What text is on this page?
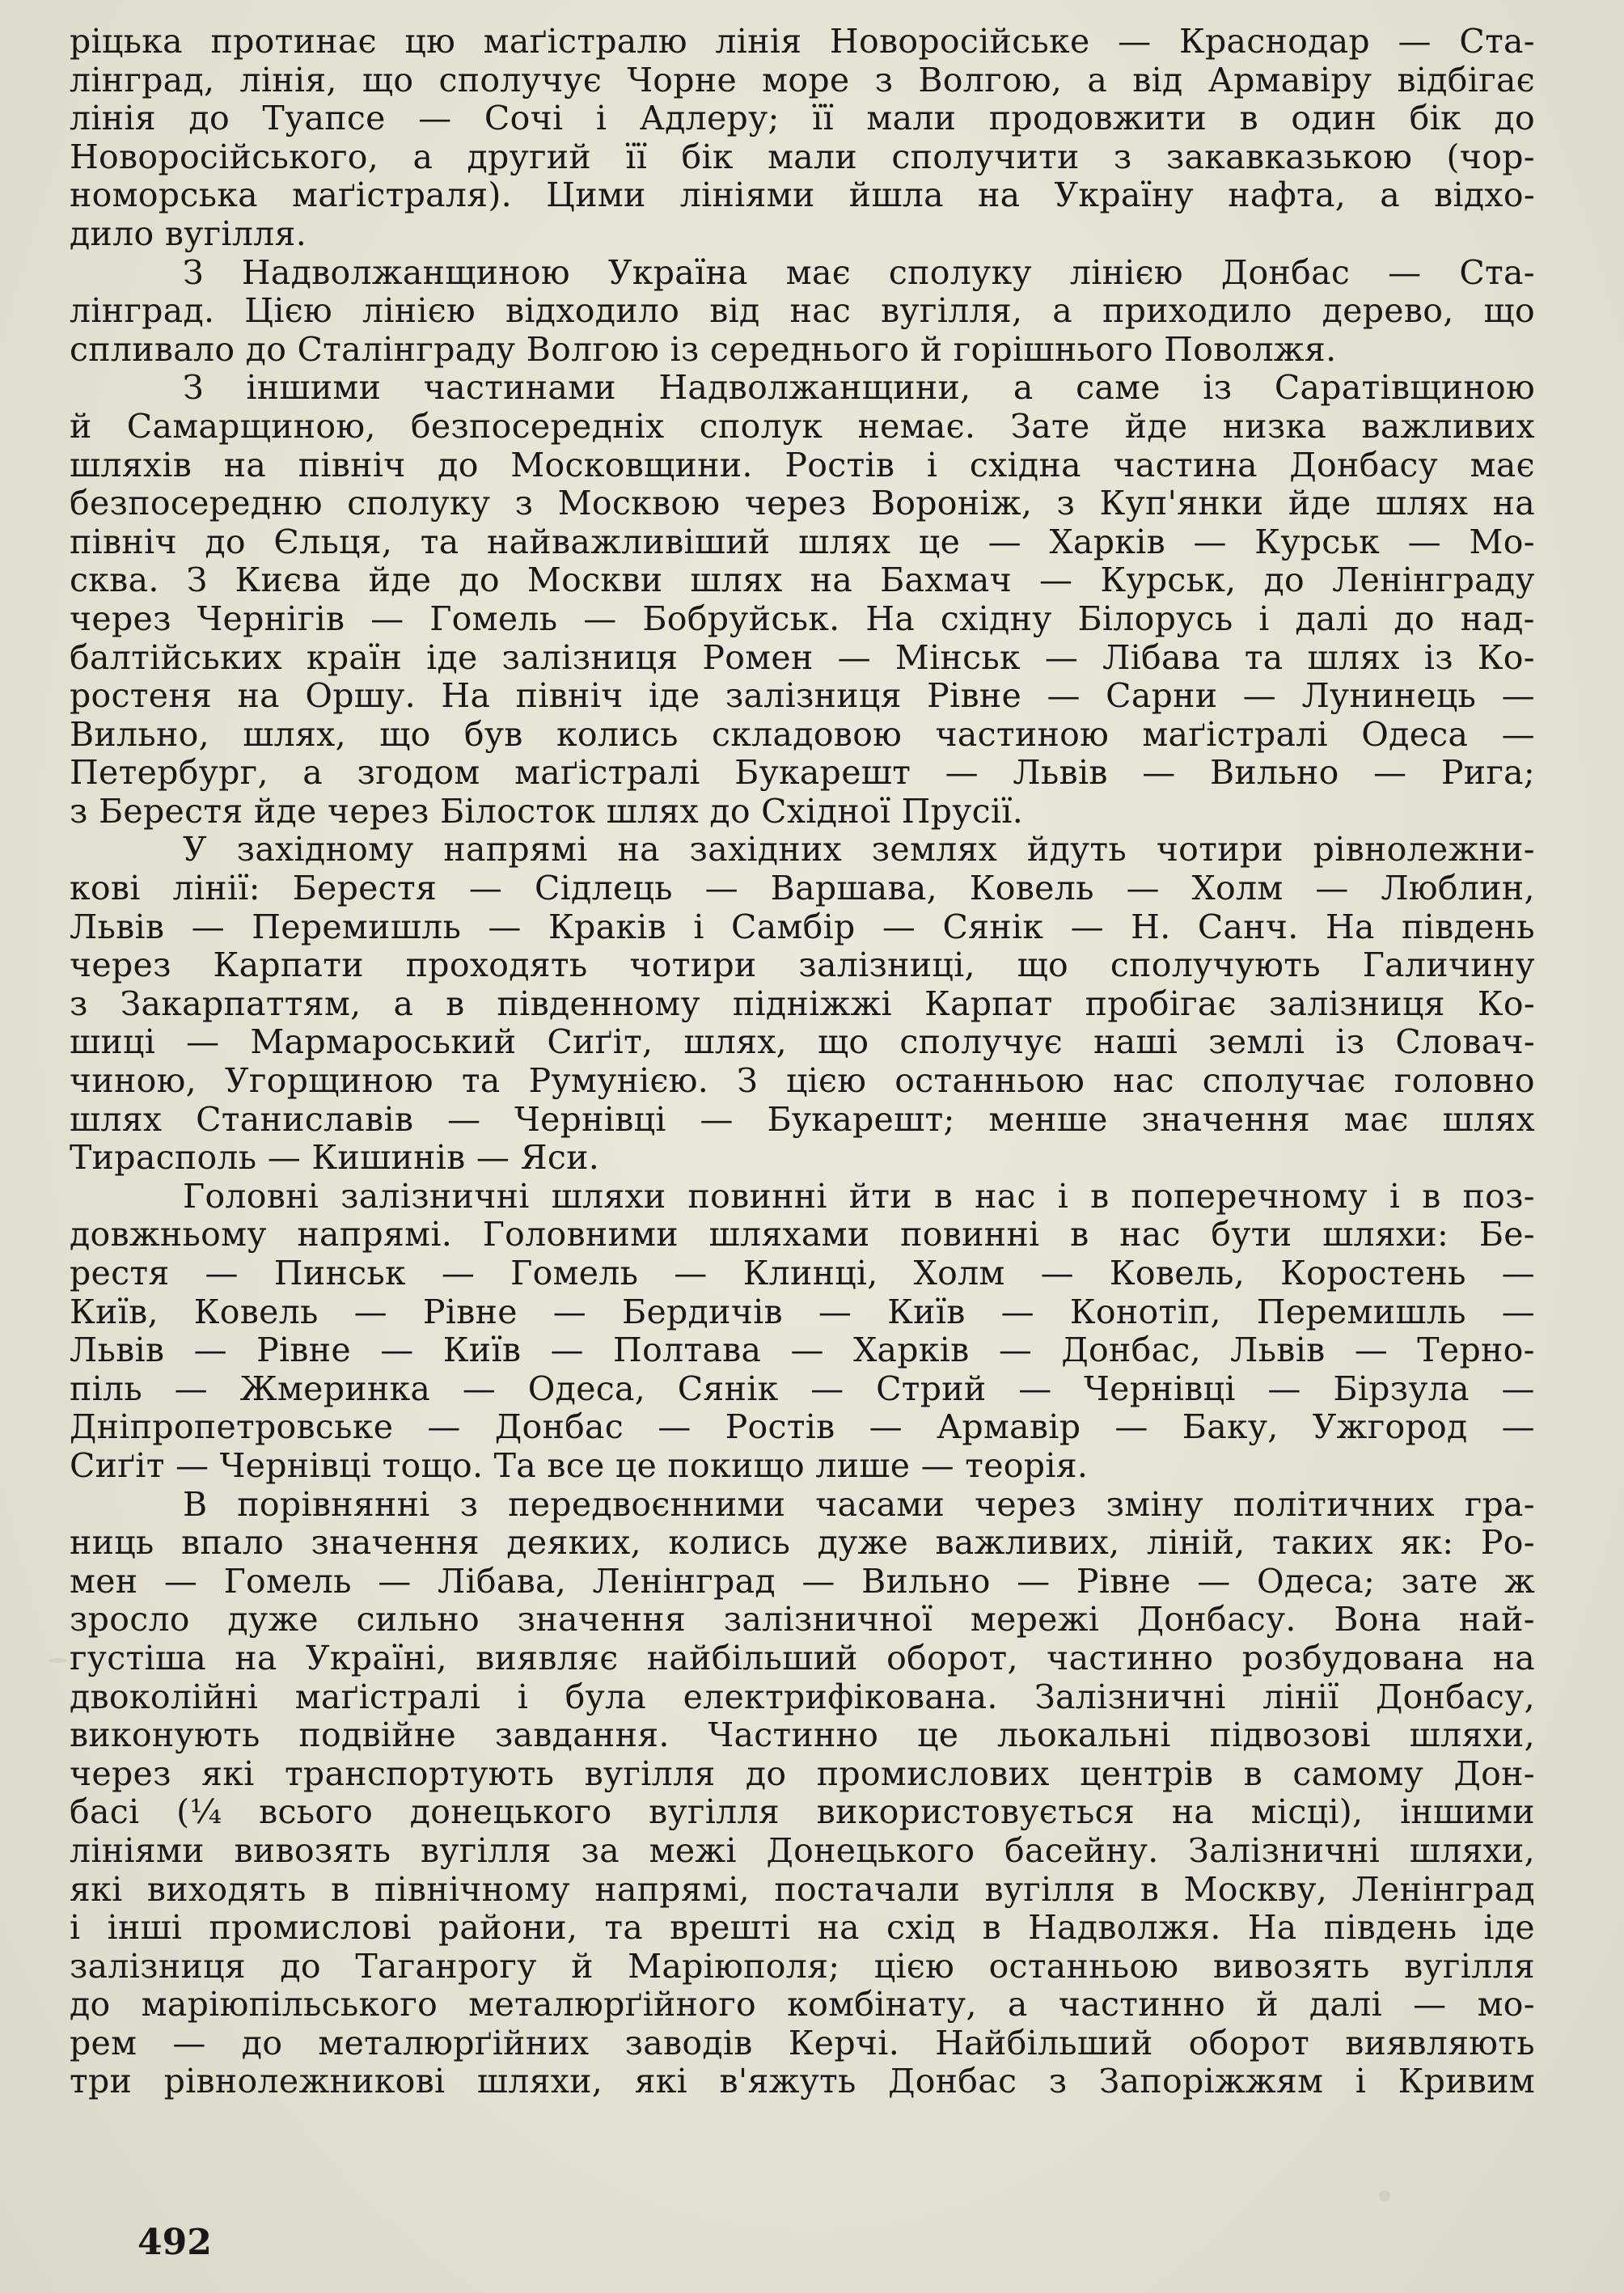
ріцька протинає цю маґістралю лінія Новоросійське — Краснодар — Ста-
лінград, лінія, що сполучує Чорне море з Волгою, а від Армавіру відбігає
лінія до Туапсе — Сочі і Адлеру; її мали продовжити в один бік до
Новоросійського, а другий її бік мали сполучити з закавказькою (чор-
номорська маґістраля). Цими лініями йшла на Україну нафта, а відхо-
дило вугілля.
З Надволжанщиною Україна має сполуку лінією Донбас — Ста-
лінград. Цією лінією відходило від нас вугілля, а приходило дерево, що
спливало до Сталінграду Волгою із середнього й горішнього Поволжя.
З іншими частинами Надволжанщини, а саме із Саратівщиною
й Самарщиною, безпосередніх сполук немає. Зате йде низка важливих
шляхів на північ до Московщини. Ростів і східна частина Донбасу має
безпосередню сполуку з Москвою через Вороніж, з Куп'янки йде шлях на
північ до Єльця, та найважливіший шлях це — Харків — Курськ — Мо-
сква. З Києва йде до Москви шлях на Бахмач — Курськ, до Ленінграду
через Чернігів — Гомель — Бобруйськ. На східну Білорусь і далі до над-
балтійських країн іде залізниця Ромен — Мінськ — Лібава та шлях із Ко-
ростеня на Оршу. На північ іде залізниця Рівне — Сарни — Лунинець —
Вильно, шлях, що був колись складовою частиною маґістралі Одеса —
Петербург, а згодом маґістралі Букарешт — Львів — Вильно — Рига;
з Берестя йде через Білосток шлях до Східної Прусії.
У західному напрямі на західних землях йдуть чотири рівнолежни-
кові лінії: Берестя — Сідлець — Варшава, Ковель — Холм — Люблин,
Львів — Перемишль — Краків і Самбір — Сянік — Н. Санч. На південь
через Карпати проходять чотири залізниці, що сполучують Галичину
з Закарпаттям, а в південному підніжжі Карпат пробігає залізниця Ко-
шиці — Мармароський Сиґіт, шлях, що сполучує наші землі із Словач-
чиною, Угорщиною та Румунією. З цією останньою нас сполучає головно
шлях Станиславів — Чернівці — Букарешт; менше значення має шлях
Тирасполь — Кишинів — Яси.
Головні залізничні шляхи повинні йти в нас і в поперечному і в поз-
довжньому напрямі. Головними шляхами повинні в нас бути шляхи: Бе-
рестя — Пинськ — Гомель — Клинці, Холм — Ковель, Коростень —
Київ, Ковель — Рівне — Бердичів — Київ — Конотіп, Перемишль —
Львів — Рівне — Київ — Полтава — Харків — Донбас, Львів — Терно-
піль — Жмеринка — Одеса, Сянік — Стрий — Чернівці — Бірзула —
Дніпропетровське — Донбас — Ростів — Армавір — Баку, Ужгород —
Сиґіт — Чернівці тощо. Та все це покищо лише — теорія.
В порівнянні з передвоєнними часами через зміну політичних гра-
ниць впало значення деяких, колись дуже важливих, ліній, таких як: Ро-
мен — Гомель — Лібава, Ленінград — Вильно — Рівне — Одеса; зате ж
зросло дуже сильно значення залізничної мережі Донбасу. Вона най-
густіша на Україні, виявляє найбільший оборот, частинно розбудована на
двоколійні маґістралі і була електрифікована. Залізничні лінії Донбасу,
виконують подвійне завдання. Частинно це льокальні підвозові шляхи,
через які транспортують вугілля до промислових центрів в самому Дон-
басі (¼ всього донецького вугілля використовується на місці), іншими
лініями вивозять вугілля за межі Донецького басейну. Залізничні шляхи,
які виходять в північному напрямі, постачали вугілля в Москву, Ленінград
і інші промислові райони, та врешті на схід в Надволжя. На південь іде
залізниця до Таганрогу й Маріюполя; цією останньою вивозять вугілля
до маріюпільського металюрґійного комбінату, а частинно й далі — мо-
рем — до металюрґійних заводів Керчі. Найбільший оборот виявляють
три рівнолежникові шляхи, які в'яжуть Донбас з Запоріжжям і Кривим
492
